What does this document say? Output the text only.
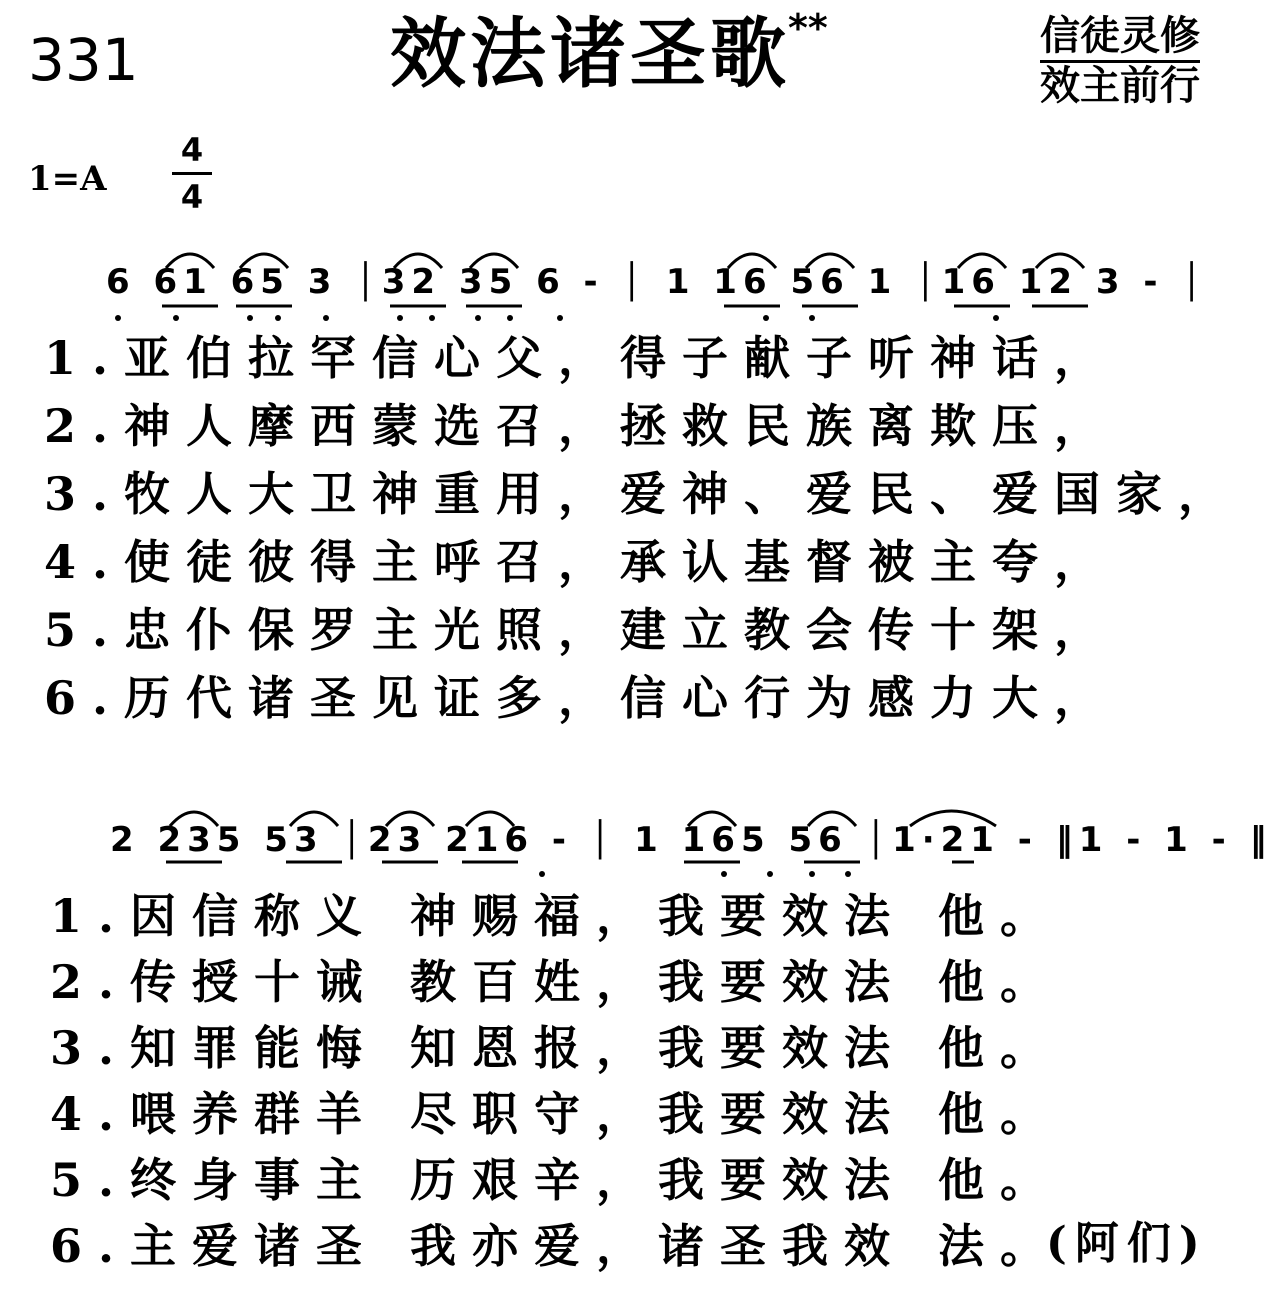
331	效法诸圣歌
**	信徒灵修
效主前行
1=A
4
4
6 61 65 3 │32 35 6 - │ 1 16 56 1 │16 12 3 - │
1.亚伯拉罕信心父，得子献子听神话，
2.神人摩西蒙选召，拯救民族离欺压，
3.牧人大卫神重用，爱神、爱民、爱国家，
4.使徒彼得主呼召，承认基督被主夸，
5.忠仆保罗主光照，建立教会传十架，
6.历代诸圣见证多，信心行为感力大，
2 235 53 │23 216 - │ 1 165 56 │1·21 - ‖1 - 1 - ‖
1.因信称义 神赐福，我要效法 他。
2.传授十诫 教百姓，我要效法 他。
3.知罪能悔 知恩报，我要效法 他。
4.喂养群羊 尽职守，我要效法 他。
5.终身事主 历艰辛，我要效法 他。
6.主爱诸圣 我亦爱，诸圣我效 法。
(阿们)
